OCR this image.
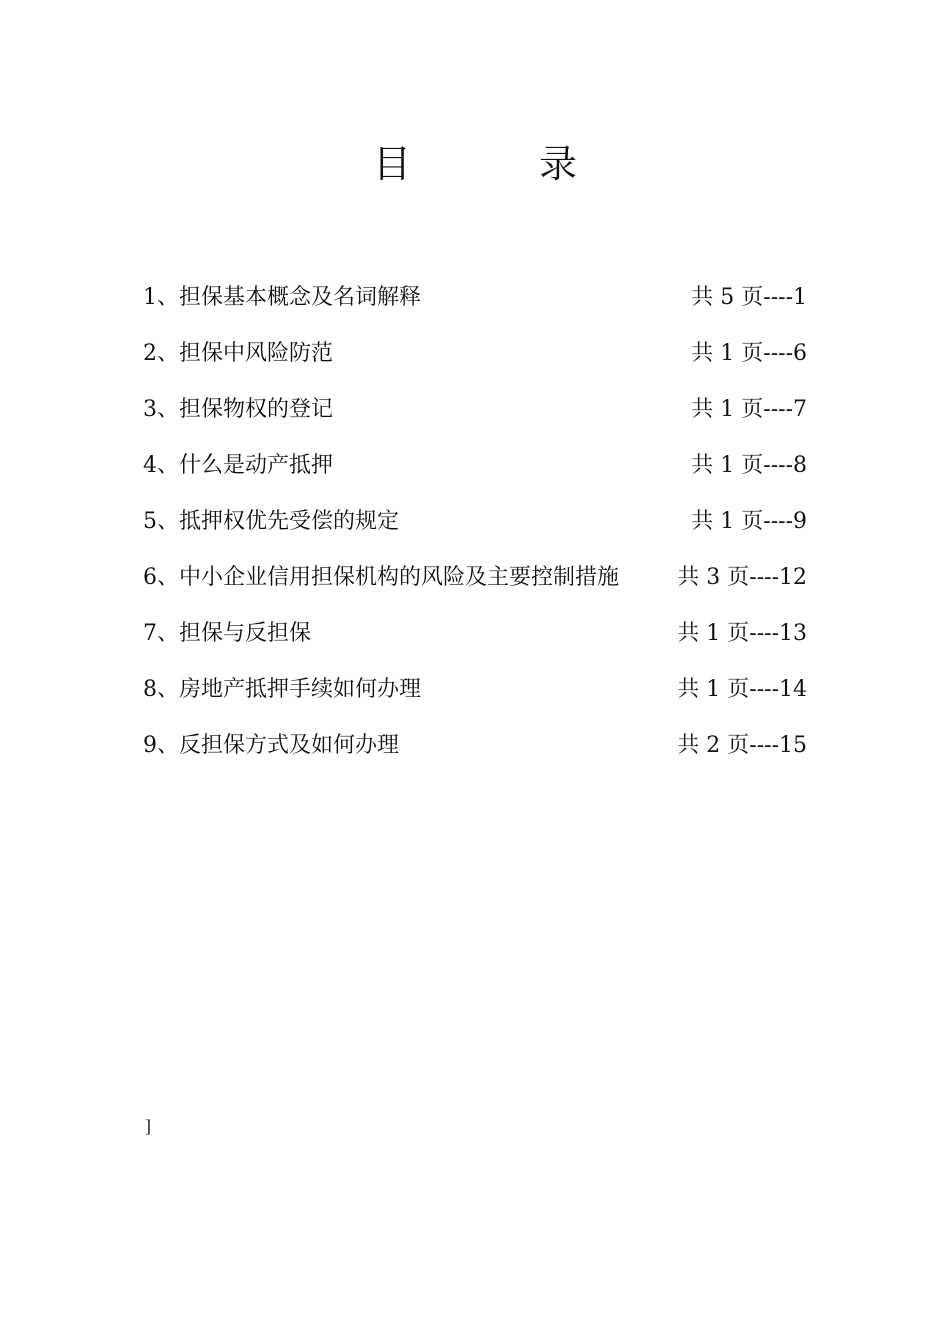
目 录
1、担保基本概念及名词解释	共 5 页----1
2、担保中风险防范	共 1 页----6
3、担保物权的登记	共 1 页----7
4、什么是动产抵押	共 1 页----8
5、抵押权优先受偿的规定	共 1 页----9
6、中小企业信用担保机构的风险及主要控制措施	共 3 页----12
7、担保与反担保	共 1 页----13
8、房地产抵押手续如何办理	共 1 页----14
9、反担保方式及如何办理	共 2 页----15
]
